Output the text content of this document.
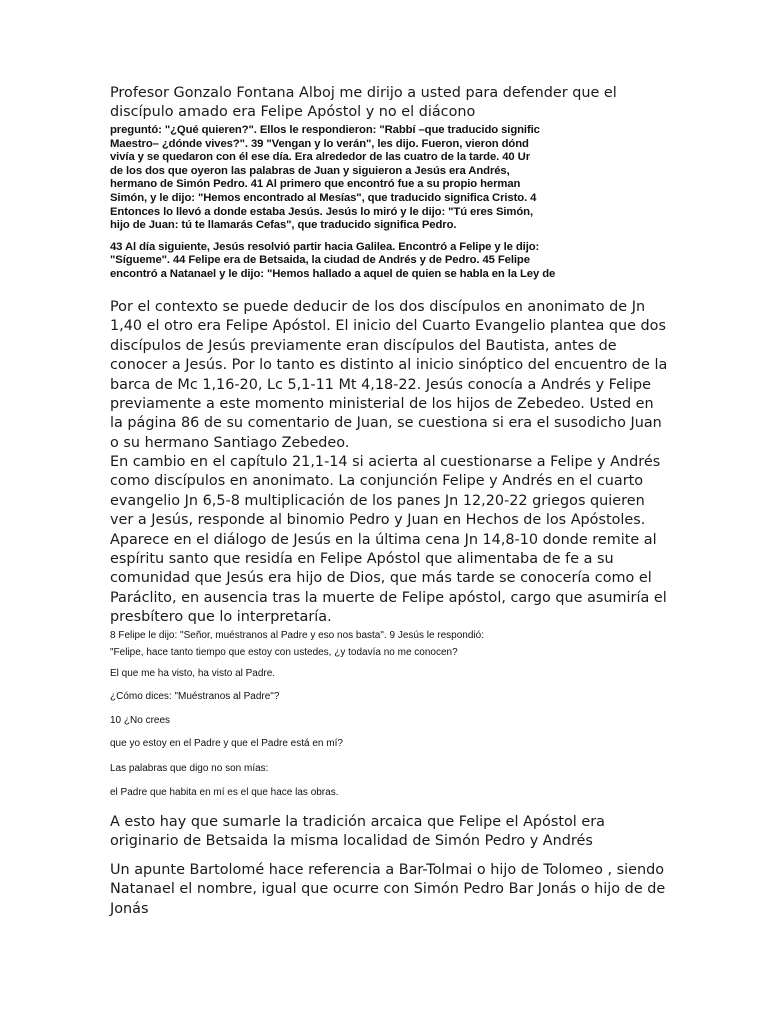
Profesor Gonzalo Fontana Alboj me dirijo a usted para defender que el discípulo amado era Felipe Apóstol y no el diácono

preguntó: "¿Qué quieren?". Ellos le respondieron: "Rabbí –que traducido signific
Maestro– ¿dónde vives?". 39 "Vengan y lo verán", les dijo. Fueron, vieron dónd
vivía y se quedaron con él ese día. Era alrededor de las cuatro de la tarde. 40 Ur
de los dos que oyeron las palabras de Juan y siguieron a Jesús era Andrés,
hermano de Simón Pedro. 41 Al primero que encontró fue a su propio herman
Simón, y le dijo: "Hemos encontrado al Mesías", que traducido significa Cristo. 4
Entonces lo llevó a donde estaba Jesús. Jesús lo miró y le dijo: "Tú eres Simón,
hijo de Juan: tú te llamarás Cefas", que traducido significa Pedro.
43 Al día siguiente, Jesús resolvió partir hacia Galilea. Encontró a Felipe y le dijo:
"Sígueme". 44 Felipe era de Betsaida, la ciudad de Andrés y de Pedro. 45 Felipe
encontró a Natanael y le dijo: "Hemos hallado a aquel de quien se habla en la Ley de

Por el contexto se puede deducir de los dos discípulos en anonimato de Jn 1,40 el otro era Felipe Apóstol. El inicio del Cuarto Evangelio plantea que dos discípulos de Jesús previamente eran discípulos del Bautista, antes de conocer a Jesús. Por lo tanto es distinto al inicio sinóptico del encuentro de la barca de Mc 1,16-20, Lc 5,1-11 Mt 4,18-22. Jesús conocía a Andrés y Felipe previamente a este momento ministerial de los hijos de Zebedeo. Usted en la página 86 de su comentario de Juan, se cuestiona si era el susodicho Juan o su hermano Santiago Zebedeo.

En cambio en el capítulo 21,1-14 si acierta al cuestionarse a Felipe y Andrés como discípulos en anonimato. La conjunción Felipe y Andrés en el cuarto evangelio Jn 6,5-8 multiplicación de los panes Jn 12,20-22 griegos quieren ver a Jesús, responde al binomio Pedro y Juan en Hechos de los Apóstoles. Aparece en el diálogo de Jesús en la última cena Jn 14,8-10 donde remite al espíritu santo que residía en Felipe Apóstol que alimentaba de fe a su comunidad que Jesús era hijo de Dios, que más tarde se conocería como el Paráclito, en ausencia tras la muerte de Felipe apóstol, cargo que asumiría el presbítero que lo interpretaría.

8 Felipe le dijo: "Señor, muéstranos al Padre y eso nos basta". 9 Jesús le respondió:
"Felipe, hace tanto tiempo que estoy con ustedes, ¿y todavía no me conocen?
El que me ha visto, ha visto al Padre.
¿Cómo dices: "Muéstranos al Padre"?
10 ¿No crees
que yo estoy en el Padre y que el Padre está en mí?
Las palabras que digo no son mías:
el Padre que habita en mí es el que hace las obras.

A esto hay que sumarle la tradición arcaica que Felipe el Apóstol era originario de Betsaida la misma localidad de Simón Pedro y Andrés

Un apunte Bartolomé hace referencia a Bar-Tolmai o hijo de Tolomeo , siendo Natanael el nombre, igual que ocurre con Simón Pedro Bar Jonás o hijo de de Jonás
